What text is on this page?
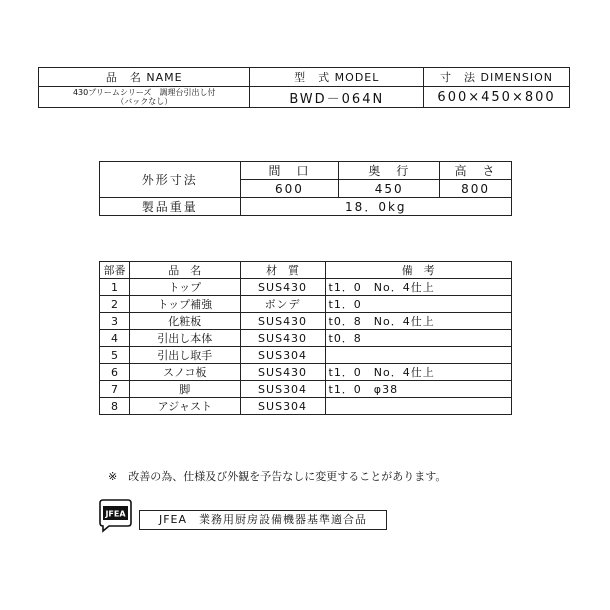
品　名 NAME	型　式 MODEL	寸　法 DIMENSION

430プリームシリーズ　調理台引出し付
（バックなし）	BWD－064N	600×450×800
外形寸法	間　口	奥　行	高　さ
	600	450	800
製品重量	18．0kg		
部番	品　名	材　質	備　考
1	トップ	SUS430	t1．0　No．4仕上
2	トップ補強	ボンデ	t1．0
3	化粧板	SUS430	t0．8　No．4仕上
4	引出し本体	SUS430	t0．8
5	引出し取手	SUS304	
6	スノコ板	SUS430	t1．0　No．4仕上
7	脚	SUS304	t1．0　φ38
8	アジャスト	SUS304	
※　改善の為、仕様及び外観を予告なしに変更することがあります。
JFEA	JFEA　業務用厨房設備機器基準適合品
